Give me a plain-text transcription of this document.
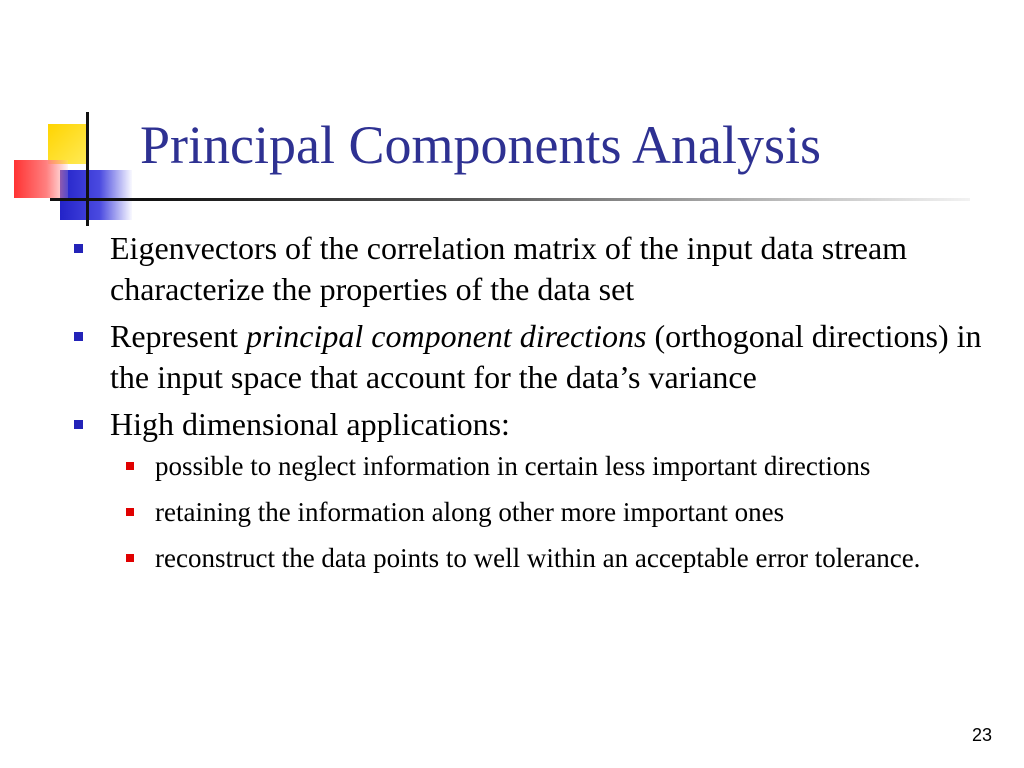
Principal Components Analysis
Eigenvectors of the correlation matrix of the input data stream characterize the properties of the data set
Represent principal component directions (orthogonal directions) in the input space that account for the data’s variance
High dimensional applications:
possible to neglect information in certain less important directions
retaining the information along other more important ones
reconstruct the data points to well within an acceptable error tolerance.
23
